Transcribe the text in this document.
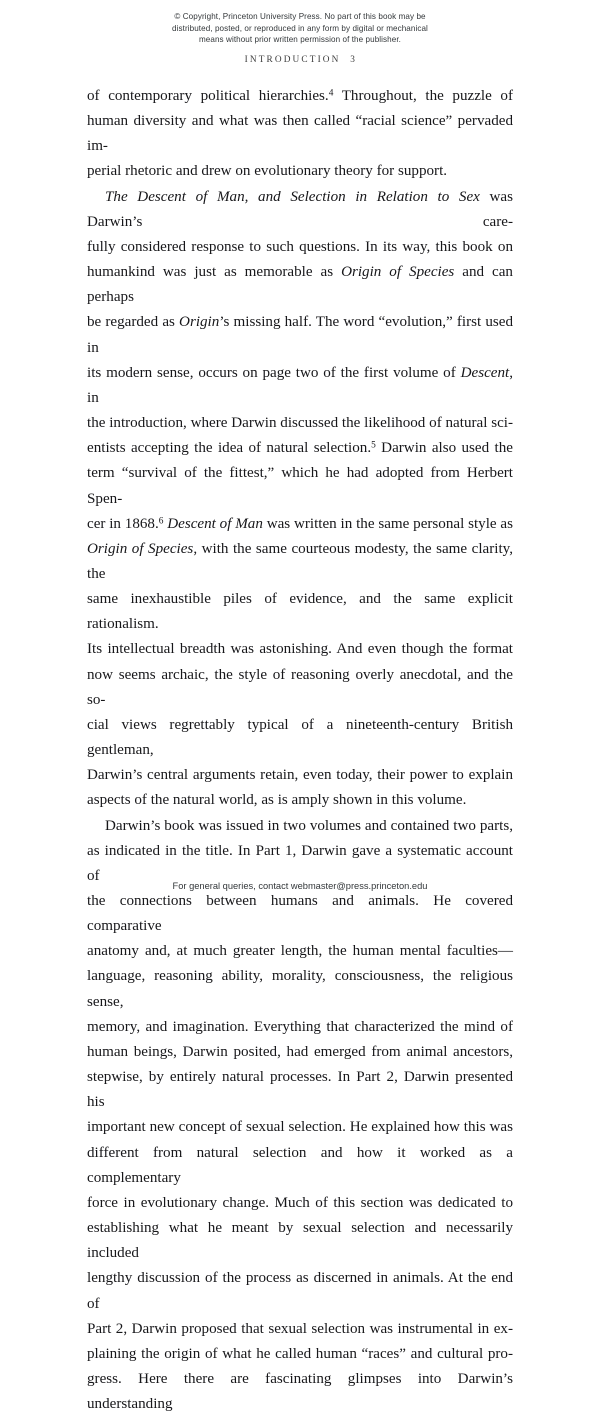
© Copyright, Princeton University Press. No part of this book may be
distributed, posted, or reproduced in any form by digital or mechanical
means without prior written permission of the publisher.
INTRODUCTION 3

of contemporary political hierarchies.$^4$ Throughout, the puzzle of
human diversity and what was then called “racial science” pervaded im-
perial rhetoric and drew on evolutionary theory for support.

The Descent of Man, and Selection in Relation to Sex was Darwin’s care-
fully considered response to such questions. In its way, this book on
humankind was just as memorable as Origin of Species and can perhaps
be regarded as Origin’s missing half. The word “evolution,” first used in
its modern sense, occurs on page two of the first volume of Descent, in
the introduction, where Darwin discussed the likelihood of natural sci-
entists accepting the idea of natural selection.$^5$ Darwin also used the
term “survival of the fittest,” which he had adopted from Herbert Spen-
cer in 1868.$^6$ Descent of Man was written in the same personal style as
Origin of Species, with the same courteous modesty, the same clarity, the
same inexhaustible piles of evidence, and the same explicit rationalism.
Its intellectual breadth was astonishing. And even though the format
now seems archaic, the style of reasoning overly anecdotal, and the so-
cial views regrettably typical of a nineteenth-century British gentleman,
Darwin’s central arguments retain, even today, their power to explain
aspects of the natural world, as is amply shown in this volume.

Darwin’s book was issued in two volumes and contained two parts,
as indicated in the title. In Part 1, Darwin gave a systematic account of
the connections between humans and animals. He covered comparative
anatomy and, at much greater length, the human mental faculties—
language, reasoning ability, morality, consciousness, the religious sense,
memory, and imagination. Everything that characterized the mind of
human beings, Darwin posited, had emerged from animal ancestors,
stepwise, by entirely natural processes. In Part 2, Darwin presented his
important new concept of sexual selection. He explained how this was
different from natural selection and how it worked as a complementary
force in evolutionary change. Much of this section was dedicated to
establishing what he meant by sexual selection and necessarily included
lengthy discussion of the process as discerned in animals. At the end of
Part 2, Darwin proposed that sexual selection was instrumental in ex-
plaining the origin of what he called human “races” and cultural pro-
gress. Here there are fascinating glimpses into Darwin’s understanding

For general queries, contact webmaster@press.princeton.edu
